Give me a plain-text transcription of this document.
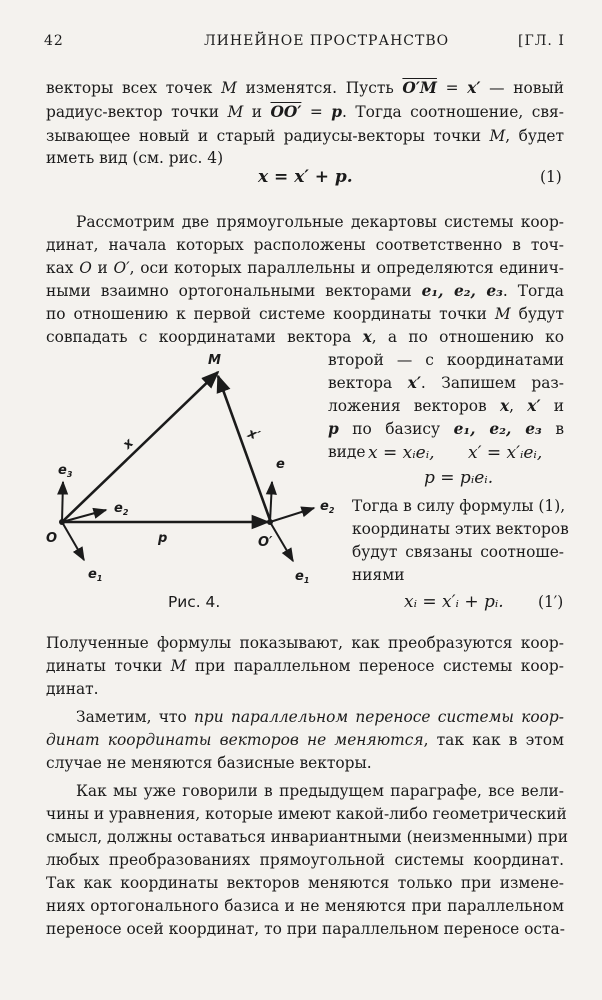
42	ЛИНЕЙНОЕ ПРОСТРАНСТВО	[ГЛ. I
векторы всех точек M изменятся. Пусть O′M = x′ — новый
радиус-вектор точки M и OO′ = p. Тогда соотношение, свя-
зывающее новый и старый радиусы-векторы точки M, будет
иметь вид (см. рис. 4)
x = x′ + p.	(1)
Рассмотрим две прямоугольные декартовы системы коор-
динат, начала которых расположены соответственно в точ-
ках O и O′, оси которых параллельны и определяются единич-
ными взаимно ортогональными векторами e₁, e₂, e₃. Тогда
по отношению к первой системе координаты точки M будут
совпадать с координатами вектора x, а по отношению ко
второй — с координатами
вектора x′. Запишем раз-
ложения векторов x, x′ и
p по базису e₁, e₂, e₃ в
виде x = xᵢeᵢ, x′ = x′ᵢeᵢ,
p = pᵢeᵢ.
Тогда в силу формулы (1),
координаты этих векторов
будут связаны соотноше-
ниями
xᵢ = x′ᵢ + pᵢ. (1′)
M
O	O′
p
x
x′
$e_3$
$e_2$
$e_1$
e
$e_2$
$e_1$
Рис. 4.
Полученные формулы показывают, как преобразуются коор-
динаты точки M при параллельном переносе системы коор-
динат.
Заметим, что при параллельном переносе системы коор-
динат координаты векторов не меняются, так как в этом
случае не меняются базисные векторы.
Как мы уже говорили в предыдущем параграфе, все вели-
чины и уравнения, которые имеют какой-либо геометрический
смысл, должны оставаться инвариантными (неизменными) при
любых преобразованиях прямоугольной системы координат.
Так как координаты векторов меняются только при измене-
ниях ортогонального базиса и не меняются при параллельном
переносе осей координат, то при параллельном переносе оста-
